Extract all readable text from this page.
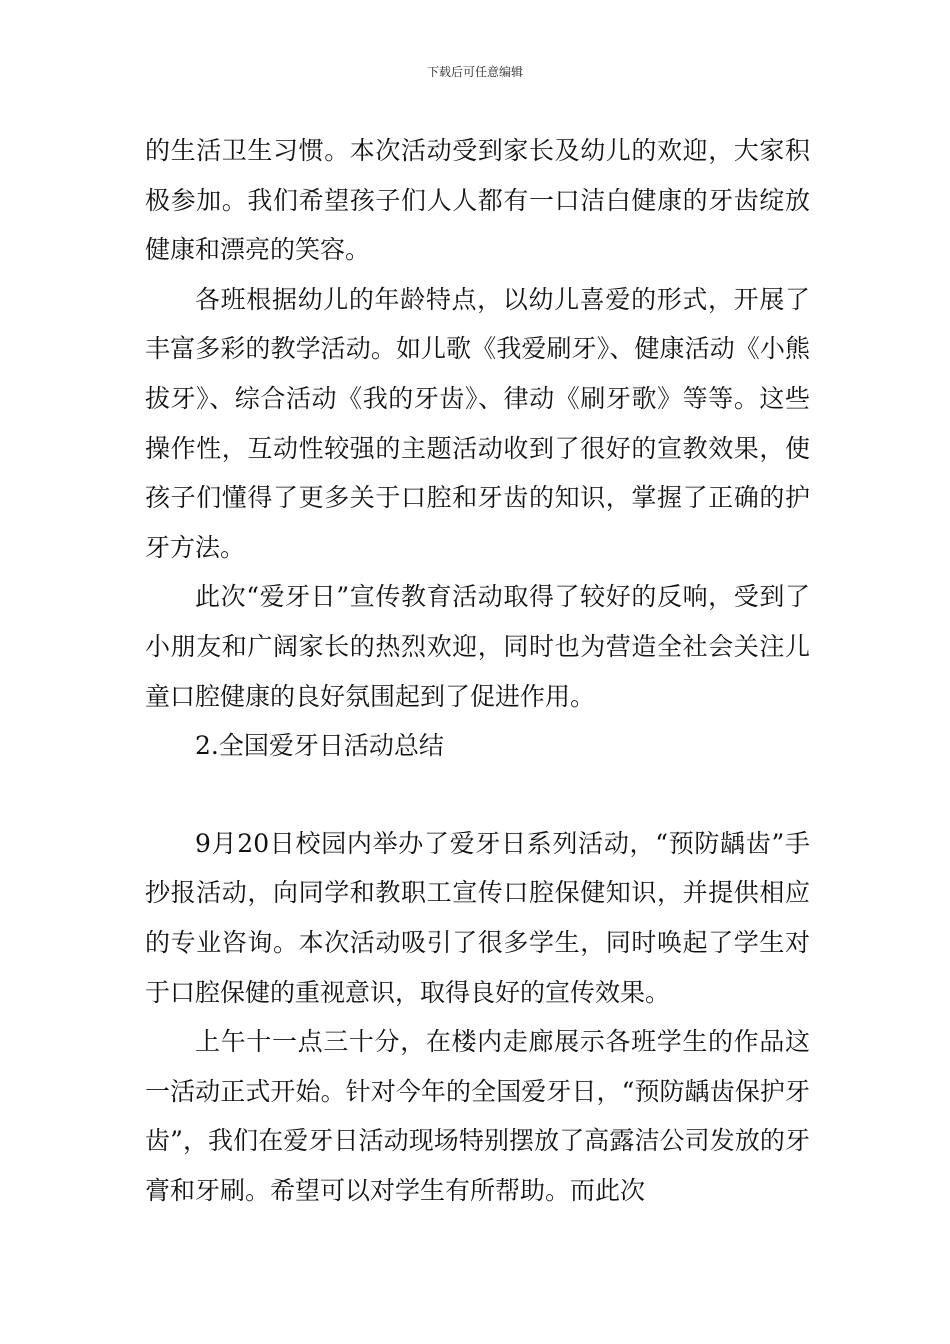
下载后可任意编辑

的生活卫生习惯。本次活动受到家长及幼儿的欢迎，大家积极参加。我们希望孩子们人人都有一口洁白健康的牙齿绽放健康和漂亮的笑容。

各班根据幼儿的年龄特点，以幼儿喜爱的形式，开展了丰富多彩的教学活动。如儿歌《我爱刷牙》、健康活动《小熊拔牙》、综合活动《我的牙齿》、律动《刷牙歌》等等。这些操作性，互动性较强的主题活动收到了很好的宣教效果，使孩子们懂得了更多关于口腔和牙齿的知识，掌握了正确的护牙方法。

此次“爱牙日”宣传教育活动取得了较好的反响，受到了小朋友和广阔家长的热烈欢迎，同时也为营造全社会关注儿童口腔健康的良好氛围起到了促进作用。

2.全国爱牙日活动总结

9月20日校园内举办了爱牙日系列活动，“预防龋齿”手抄报活动，向同学和教职工宣传口腔保健知识，并提供相应的专业咨询。本次活动吸引了很多学生，同时唤起了学生对于口腔保健的重视意识，取得良好的宣传效果。

上午十一点三十分，在楼内走廊展示各班学生的作品这一活动正式开始。针对今年的全国爱牙日，“预防龋齿保护牙齿”，我们在爱牙日活动现场特别摆放了高露洁公司发放的牙膏和牙刷。希望可以对学生有所帮助。而此次
